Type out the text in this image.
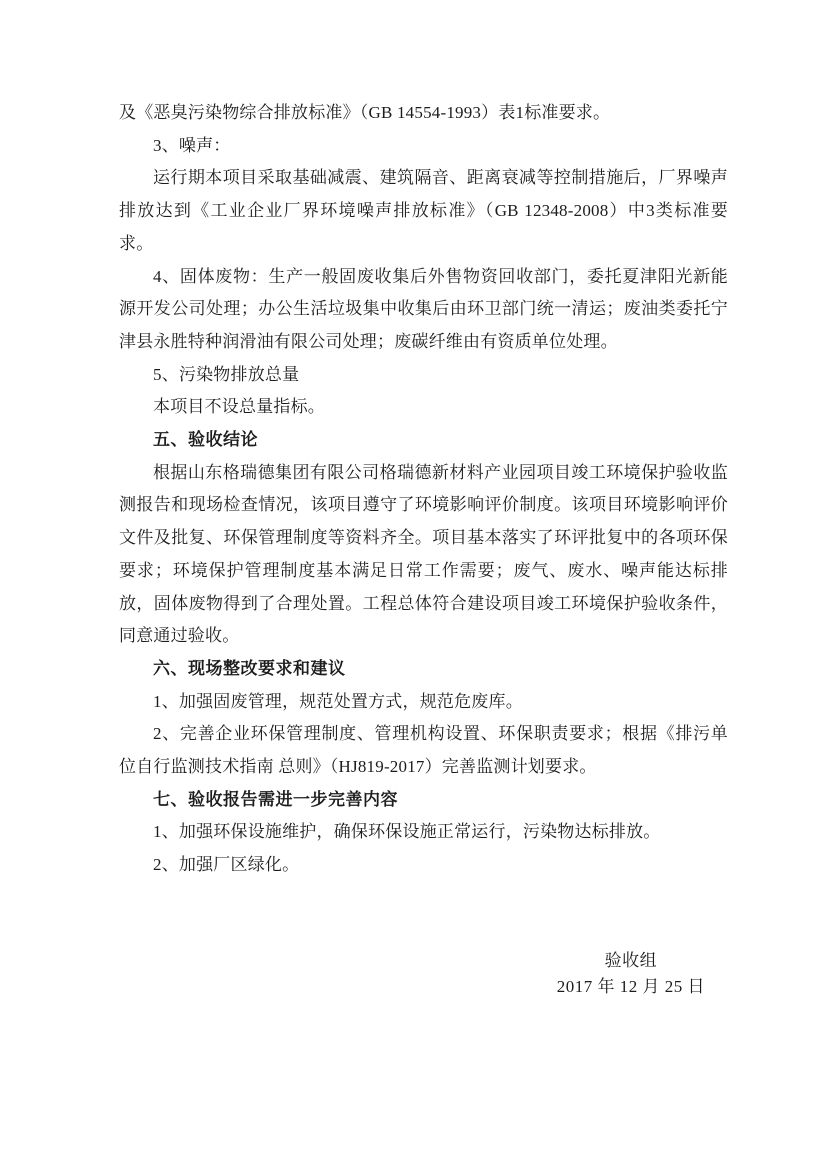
及《恶臭污染物综合排放标准》（GB 14554-1993）表1标准要求。

3、噪声：

运行期本项目采取基础减震、建筑隔音、距离衰减等控制措施后，厂界噪声排放达到《工业企业厂界环境噪声排放标准》（GB 12348-2008）中3类标准要求。

4、固体废物：生产一般固废收集后外售物资回收部门，委托夏津阳光新能源开发公司处理；办公生活垃圾集中收集后由环卫部门统一清运；废油类委托宁津县永胜特种润滑油有限公司处理；废碳纤维由有资质单位处理。

5、污染物排放总量

本项目不设总量指标。

五、验收结论

根据山东格瑞德集团有限公司格瑞德新材料产业园项目竣工环境保护验收监测报告和现场检查情况，该项目遵守了环境影响评价制度。该项目环境影响评价文件及批复、环保管理制度等资料齐全。项目基本落实了环评批复中的各项环保要求；环境保护管理制度基本满足日常工作需要；废气、废水、噪声能达标排放，固体废物得到了合理处置。工程总体符合建设项目竣工环境保护验收条件，同意通过验收。

六、现场整改要求和建议

1、加强固废管理，规范处置方式，规范危废库。

2、完善企业环保管理制度、管理机构设置、环保职责要求；根据《排污单位自行监测技术指南 总则》（HJ819-2017）完善监测计划要求。

七、验收报告需进一步完善内容

1、加强环保设施维护，确保环保设施正常运行，污染物达标排放。

2、加强厂区绿化。

验收组
2017 年 12 月 25 日
